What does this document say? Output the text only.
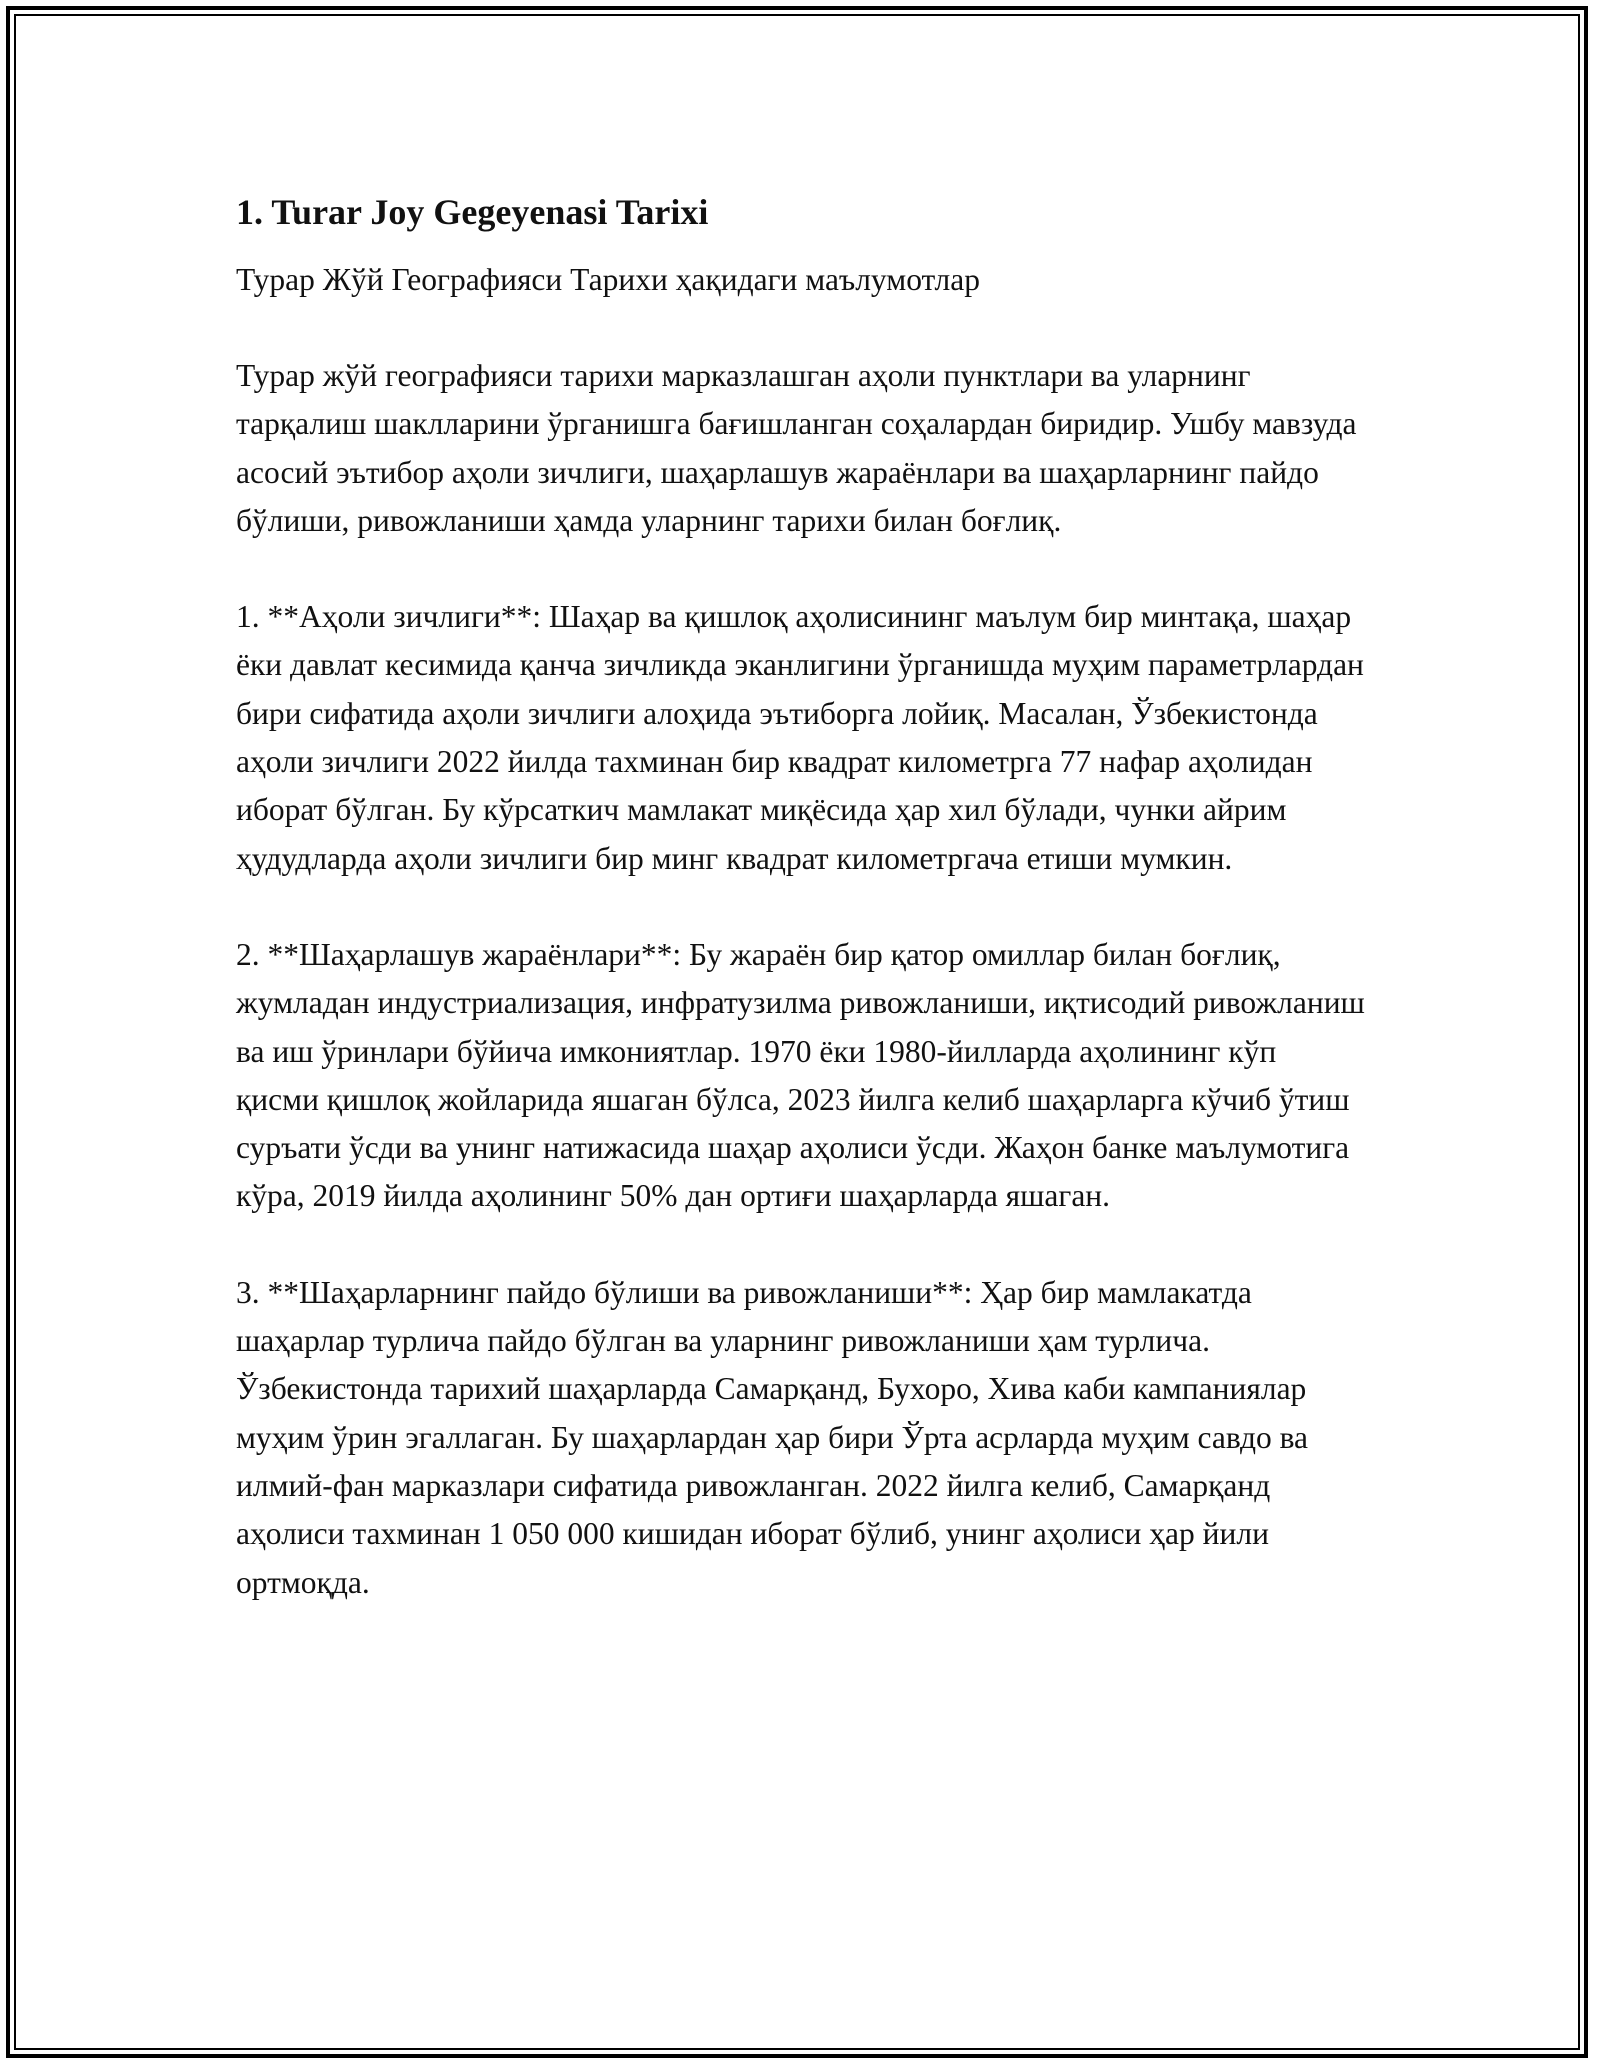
1. Turar Joy Gegeyenasi Tarixi

Турар Жўй Географияси Тарихи ҳақидаги маълумотлар

Турар жўй географияси тарихи марказлашган аҳоли пунктлари ва уларнинг тарқалиш шаклларини ўрганишга бағишланган соҳалардан биридир. Ушбу мавзуда асосий эътибор аҳоли зичлиги, шаҳарлашув жараёнлари ва шаҳарларнинг пайдо бўлиши, ривожланиши ҳамда уларнинг тарихи билан боғлиқ.

1. **Аҳоли зичлиги**: Шаҳар ва қишлоқ аҳолисининг маълум бир минтақа, шаҳар ёки давлат кесимида қанча зичликда эканлигини ўрганишда муҳим параметрлардан бири сифатида аҳоли зичлиги алоҳида эътиборга лойиқ. Масалан, Ўзбекистонда аҳоли зичлиги 2022 йилда тахминан бир квадрат километрга 77 нафар аҳолидан иборат бўлган. Бу кўрсаткич мамлакат миқёсида ҳар хил бўлади, чунки айрим ҳудудларда аҳоли зичлиги бир минг квадрат километргача етиши мумкин.

2. **Шаҳарлашув жараёнлари**: Бу жараён бир қатор омиллар билан боғлиқ, жумладан индустриализация, инфратузилма ривожланиши, иқтисодий ривожланиш ва иш ўринлари бўйича имкониятлар. 1970 ёки 1980-йилларда аҳолининг кўп қисми қишлоқ жойларида яшаган бўлса, 2023 йилга келиб шаҳарларга кўчиб ўтиш суръати ўсди ва унинг натижасида шаҳар аҳолиси ўсди. Жаҳон банке маълумотига кўра, 2019 йилда аҳолининг 50% дан ортиғи шаҳарларда яшаган.

3. **Шаҳарларнинг пайдо бўлиши ва ривожланиши**: Ҳар бир мамлакатда шаҳарлар турлича пайдо бўлган ва уларнинг ривожланиши ҳам турлича. Ўзбекистонда тарихий шаҳарларда Самарқанд, Бухоро, Хива каби кампаниялар муҳим ўрин эгаллаган. Бу шаҳарлардан ҳар бири Ўрта асрларда муҳим савдо ва илмий-фан марказлари сифатида ривожланган. 2022 йилга келиб, Самарқанд аҳолиси тахминан 1 050 000 кишидан иборат бўлиб, унинг аҳолиси ҳар йили ортмоқда.
